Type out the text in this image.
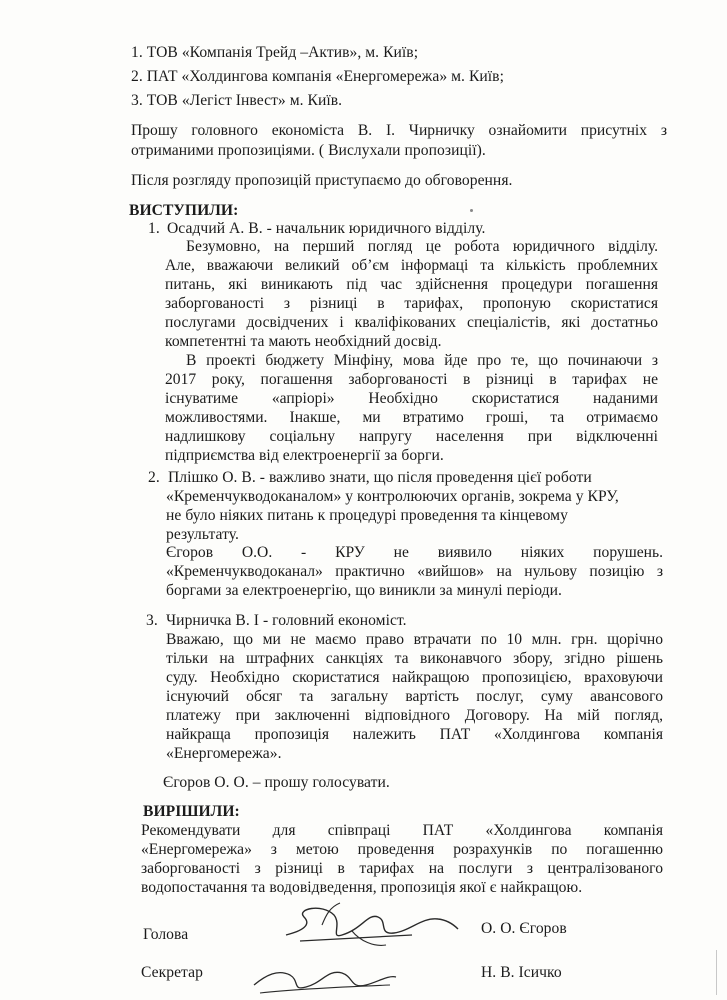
1. ТОВ «Компанія Трейд –Актив», м. Київ;
2. ПАТ «Холдингова компанія «Енергомережа» м. Київ;
3. ТОВ «Легіст Інвест» м. Київ.
Прошу головного економіста В. І. Чирничку ознайомити присутніх з
отриманими пропозиціями. ( Вислухали пропозиції).
Після розгляду пропозицій приступаємо до обговорення.
ВИСТУПИЛИ:
1. Осадчий А. В. - начальник юридичного відділу.
Безумовно, на перший погляд це робота юридичного відділу.
Але, вважаючи великий об’єм інформаці та кількість проблемних
питань, які виникають під час здійснення процедури погашення
заборгованості з різниці в тарифах, пропоную скористатися
послугами досвідчених і кваліфікованих спеціалістів, які достатньо
компетентні та мають необхідний досвід.
В проекті бюджету Мінфіну, мова йде про те, що починаючи з
2017 року, погашення заборгованості в різниці в тарифах не
існуватиме «апріорі» Необхідно скористатися наданими
можливостями. Інакше, ми втратимо гроші, та отримаємо
надлишкову соціальну напругу населення при відключенні
підприємства від електроенергії за борги.
2. Плішко О. В. - важливо знати, що після проведення цієї роботи
«Кременчукводоканалом» у контролюючих органів, зокрема у КРУ,
не було ніяких питань к процедурі проведення та кінцевому
результату.
Єгоров О.О. - КРУ не виявило ніяких порушень.
«Кременчукводоканал» практично «вийшов» на нульову позицію з
боргами за електроенергію, що виникли за минулі періоди.
3. Чирничка В. І - головний економіст.
Вважаю, що ми не маємо право втрачати по 10 млн. грн. щорічно
тільки на штрафних санкціях та виконавчого збору, згідно рішень
суду. Необхідно скористатися найкращою пропозицією, враховуючи
існуючий обсяг та загальну вартість послуг, суму авансового
платежу при заключенні відповідного Договору. На мій погляд,
найкраща пропозиція належить ПАТ «Холдингова компанія
«Енергомережа».
Єгоров О. О. – прошу голосувати.
ВИРІШИЛИ:
Рекомендувати для співпраці ПАТ «Холдингова компанія
«Енергомережа» з метою проведення розрахунків по погашенню
заборгованості з різниці в тарифах на послуги з централізованого
водопостачання та водовідведення, пропозиція якої є найкращою.
Голова	О. О. Єгоров
Секретар	Н. В. Ісичко
